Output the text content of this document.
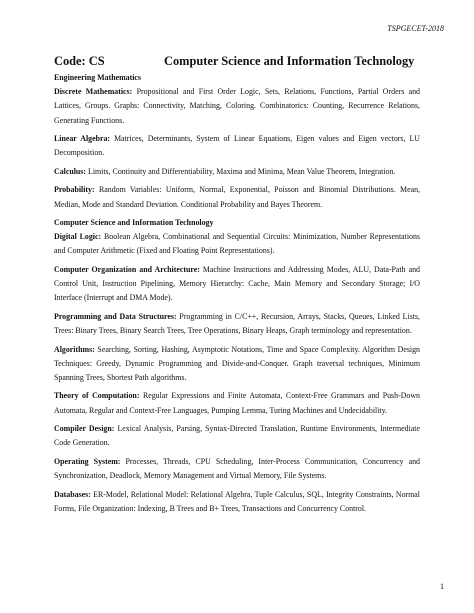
TSPGECET-2018
Code: CS	Computer Science and Information Technology

Engineering Mathematics

Discrete Mathematics: Propositional and First Order Logic, Sets, Relations, Functions, Partial Orders and Lattices, Groups. Graphs: Connectivity, Matching, Coloring. Combinatorics: Counting, Recurrence Relations, Generating Functions.

Linear Algebra: Matrices, Determinants, System of Linear Equations, Eigen values and Eigen vectors, LU Decomposition.

Calculus: Limits, Continuity and Differentiability, Maxima and Minima, Mean Value Theorem, Integration.

Probability: Random Variables: Uniform, Normal, Exponential, Poisson and Binomial Distributions. Mean, Median, Mode and Standard Deviation. Conditional Probability and Bayes Theorem.

Computer Science and Information Technology

Digital Logic: Boolean Algebra, Combinational and Sequential Circuits: Minimization, Number Representations and Computer Arithmetic (Fixed and Floating Point Representations).

Computer Organization and Architecture: Machine Instructions and Addressing Modes, ALU, Data-Path and Control Unit, Instruction Pipelining, Memory Hierarchy: Cache, Main Memory and Secondary Storage; I/O Interface (Interrupt and DMA Mode).

Programming and Data Structures: Programming in C/C++, Recursion, Arrays, Stacks, Queues, Linked Lists, Trees: Binary Trees, Binary Search Trees, Tree Operations, Binary Heaps, Graph terminology and representation.

Algorithms: Searching, Sorting, Hashing, Asymptotic Notations, Time and Space Complexity. Algorithm Design Techniques: Greedy, Dynamic Programming and Divide-and-Conquer. Graph traversal techniques, Minimum Spanning Trees, Shortest Path algorithms.

Theory of Computation: Regular Expressions and Finite Automata, Context-Free Grammars and Push-Down Automata, Regular and Context-Free Languages, Pumping Lemma, Turing Machines and Undecidability.

Compiler Design: Lexical Analysis, Parsing, Syntax-Directed Translation, Runtime Environments, Intermediate Code Generation.

Operating System: Processes, Threads, CPU Scheduling, Inter-Process Communication, Concurrency and Synchronization, Deadlock, Memory Management and Virtual Memory, File Systems.

Databases: ER-Model, Relational Model: Relational Algebra, Tuple Calculus, SQL, Integrity Constraints, Normal Forms, File Organization: Indexing, B Trees and B+ Trees, Transactions and Concurrency Control.

1
